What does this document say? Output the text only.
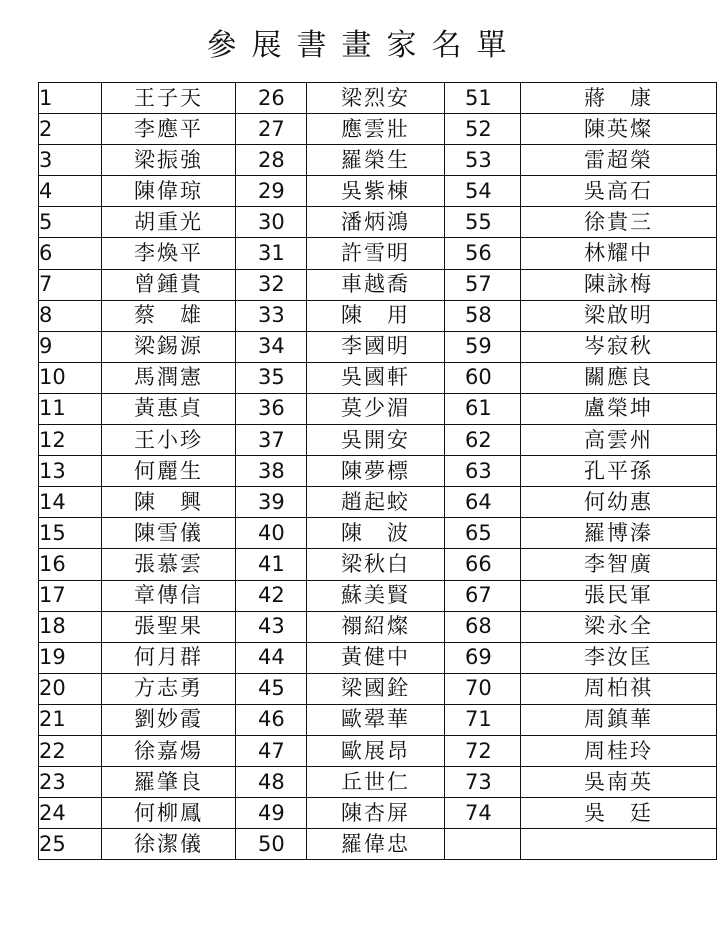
參展書畫家名單
1	王子天	26	梁烈安	51	蔣　康
2	李應平	27	應雲壯	52	陳英燦
3	梁振強	28	羅榮生	53	雷超榮
4	陳偉琼	29	吳紫棟	54	吳高石
5	胡重光	30	潘炳鴻	55	徐貴三
6	李煥平	31	許雪明	56	林耀中
7	曾鍾貴	32	車越喬	57	陳詠梅
8	蔡　雄	33	陳　用	58	梁啟明
9	梁錫源	34	李國明	59	岑寂秋
10	馬潤憲	35	吳國軒	60	關應良
11	黃惠貞	36	莫少湄	61	盧榮坤
12	王小珍	37	吳開安	62	高雲州
13	何麗生	38	陳夢標	63	孔平孫
14	陳　興	39	趙起蛟	64	何幼惠
15	陳雪儀	40	陳　波	65	羅博溱
16	張慕雲	41	梁秋白	66	李智廣
17	章傳信	42	蘇美賢	67	張民軍
18	張聖果	43	禤紹燦	68	梁永全
19	何月群	44	黃健中	69	李汝匡
20	方志勇	45	梁國銓	70	周柏祺
21	劉妙霞	46	歐翚華	71	周鎮華
22	徐嘉煬	47	歐展昂	72	周桂玲
23	羅肇良	48	丘世仁	73	吳南英
24	何柳鳳	49	陳杏屏	74	吳　廷
25	徐潔儀	50	羅偉忠		
